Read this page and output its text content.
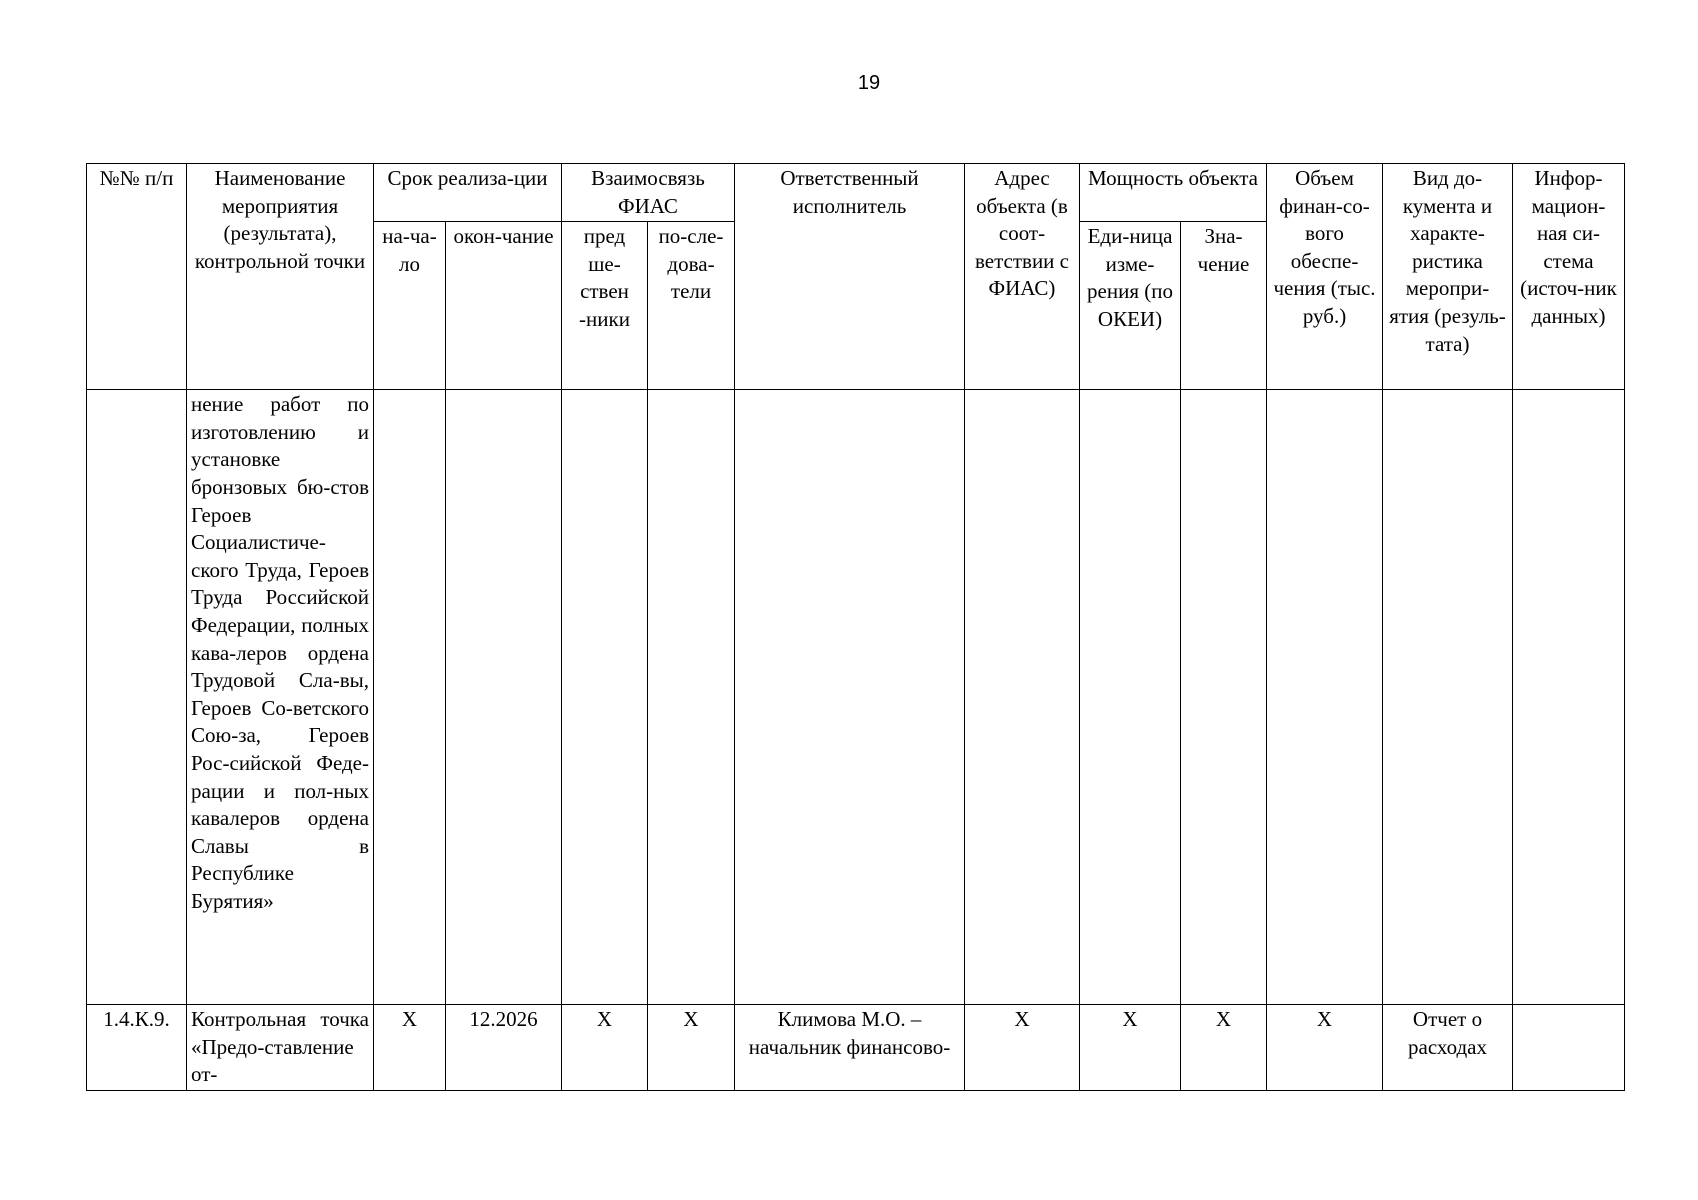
19
№№ п/п	Наименование мероприятия (результата), контрольной точки	Срок реализа-ции		Взаимосвязь ФИАС		Ответственный исполнитель	Адрес объекта (в соот-ветствии с ФИАС)	Мощность объекта		Объем финан-со-вого обеспе-чения (тыс. руб.)	Вид до-кумента и характе-ристика меропри-ятия (резуль-тата)	Инфор-мацион-ная си-стема (источ-ник данных)
		на-ча-ло	окон-чание	пред ше-ствен -ники	по-сле-дова-тели			Еди-ница изме-рения (по ОКЕИ)	Зна-чение			
	нение работ по изготовлению и установке бронзовых бю-стов Героев Социалистиче-ского Труда, Героев Труда Российской Федерации, полных кава-леров ордена Трудовой Сла-вы, Героев Со-ветского Сою-за, Героев Рос-сийской Феде-рации и пол-ных кавалеров ордена Славы в Республике Бурятия»											
1.4.К.9.	Контрольная точка «Предо-ставление от-	Х	12.2026	Х	Х	Климова М.О. – начальник финансово-	Х	Х	Х	Х	Отчет о расходах	
